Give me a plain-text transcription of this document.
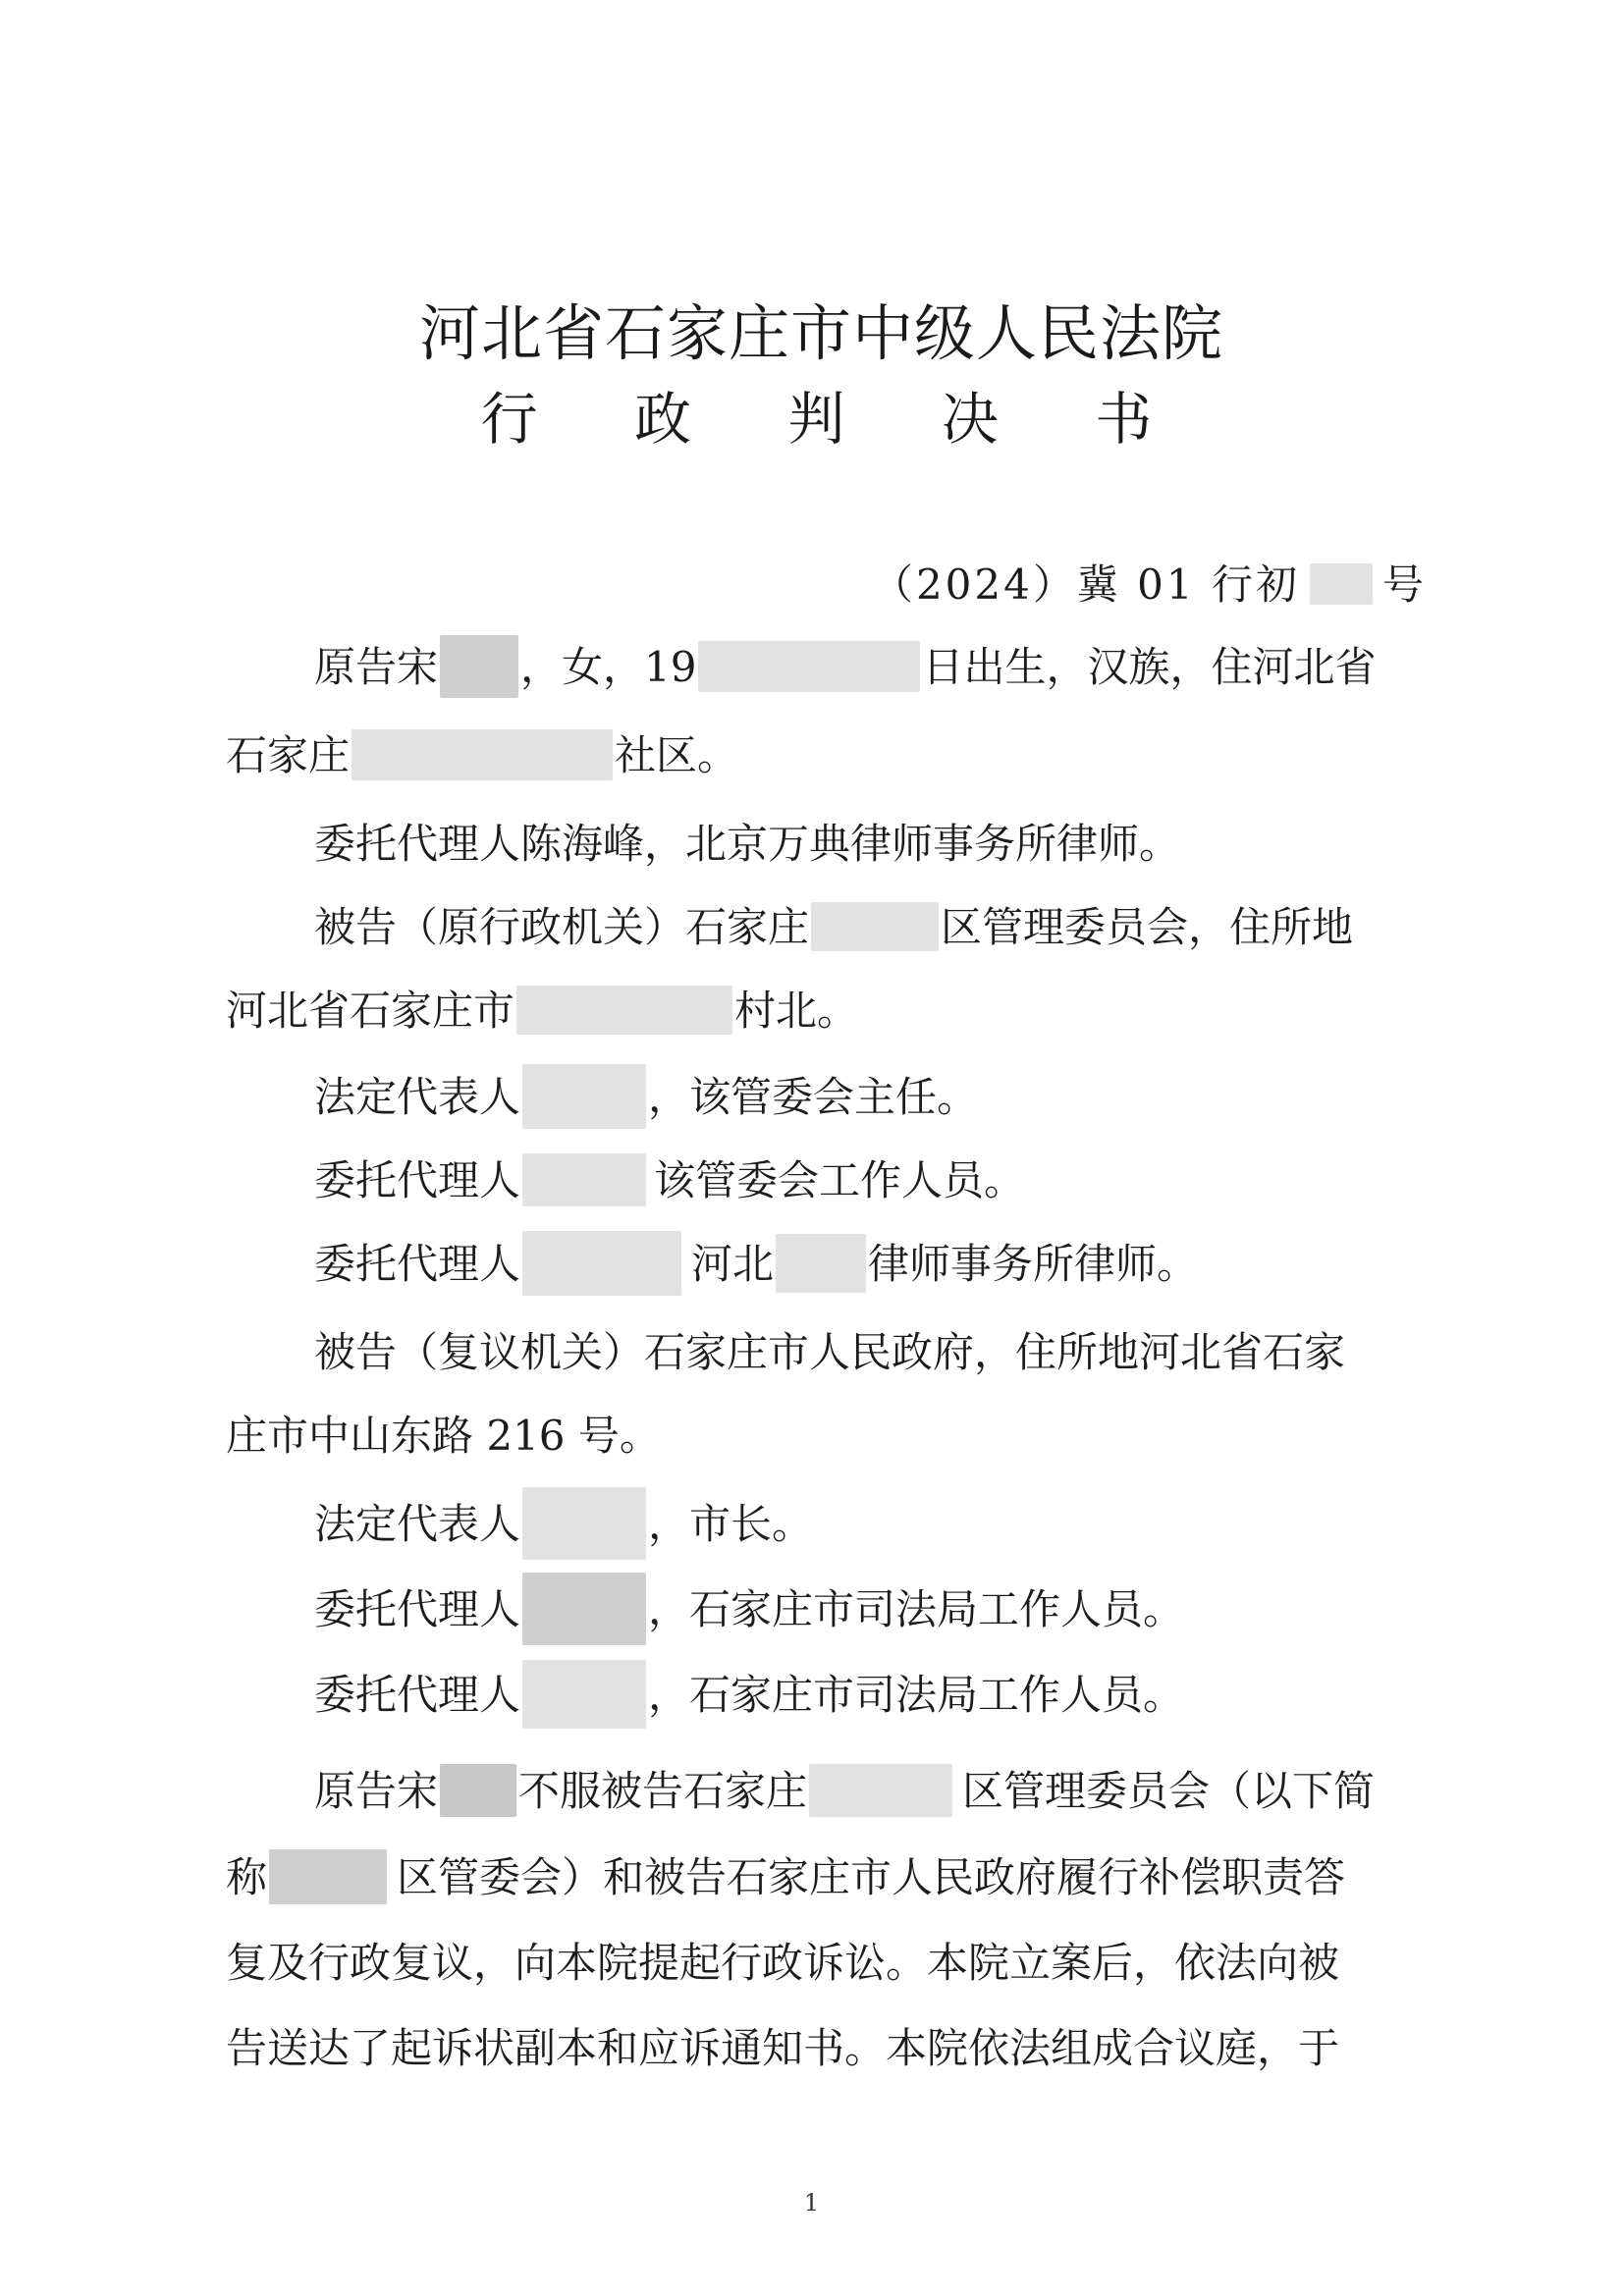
河北省石家庄市中级人民法院
行 政 判 决 书
（2024）冀 01 行初 号
原告宋 ，女，19	日出生，汉族，住河北省
石家庄	社区。
委托代理人陈海峰，北京万典律师事务所律师。
被告（原行政机关）石家庄	区管理委员会，住所地
河北省石家庄市	村北。
法定代表人	，该管委会主任。
委托代理人	该管委会工作人员。
委托代理人	河北 律师事务所律师。
被告（复议机关）石家庄市人民政府，住所地河北省石家
庄市中山东路 216 号。
法定代表人	，市长。
委托代理人	，石家庄市司法局工作人员。
委托代理人	，石家庄市司法局工作人员。
原告宋 不服被告石家庄	区管理委员会（以下简
称	区管委会）和被告石家庄市人民政府履行补偿职责答
复及行政复议，向本院提起行政诉讼。本院立案后，依法向被
告送达了起诉状副本和应诉通知书。本院依法组成合议庭，于
1
